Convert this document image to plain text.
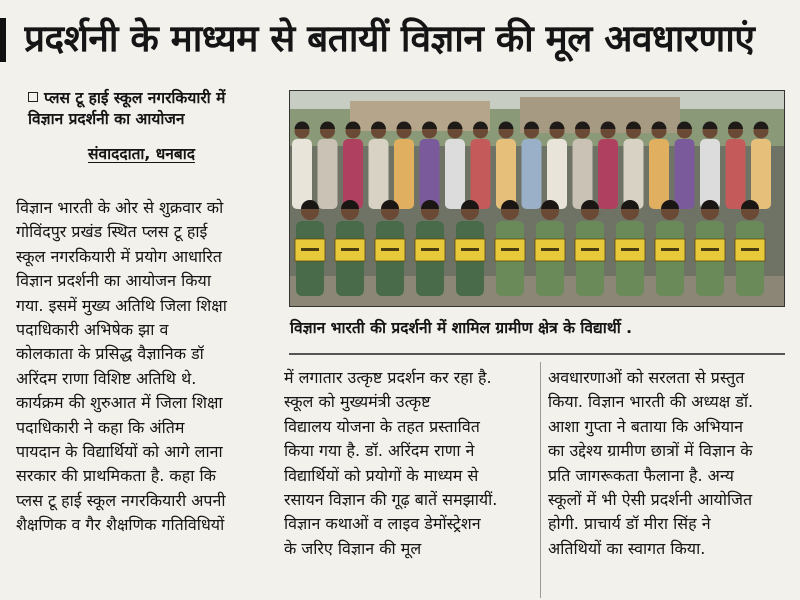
प्रदर्शनी के माध्यम से बतायीं विज्ञान की मूल अवधारणाएं
प्लस टू हाई स्कूल नगरकियारी में
विज्ञान प्रदर्शनी का आयोजन
संवाददाता, धनबाद
विज्ञान भारती के ओर से शुक्रवार को
गोविंदपुर प्रखंड स्थित प्लस टू हाई
स्कूल नगरकियारी में प्रयोग आधारित
विज्ञान प्रदर्शनी का आयोजन किया
गया. इसमें मुख्य अतिथि जिला शिक्षा
पदाधिकारी अभिषेक झा व
कोलकाता के प्रसिद्ध वैज्ञानिक डॉ
अरिंदम राणा विशिष्ट अतिथि थे.
कार्यक्रम की शुरुआत में जिला शिक्षा
पदाधिकारी ने कहा कि अंतिम
पायदान के विद्यार्थियों को आगे लाना
सरकार की प्राथमिकता है. कहा कि
प्लस टू हाई स्कूल नगरकियारी अपनी
शैक्षणिक व गैर शैक्षणिक गतिविधियों
विज्ञान भारती की प्रदर्शनी में शामिल ग्रामीण क्षेत्र के विद्यार्थी .
में लगातार उत्कृष्ट प्रदर्शन कर रहा है.
स्कूल को मुख्यमंत्री उत्कृष्ट
विद्यालय योजना के तहत प्रस्तावित
किया गया है. डॉ. अरिंदम राणा ने
विद्यार्थियों को प्रयोगों के माध्यम से
रसायन विज्ञान की गूढ़ बातें समझायीं.
विज्ञान कथाओं व लाइव डेमोंस्ट्रेशन
के जरिए विज्ञान की मूल
अवधारणाओं को सरलता से प्रस्तुत
किया. विज्ञान भारती की अध्यक्ष डॉ.
आशा गुप्ता ने बताया कि अभियान
का उद्देश्य ग्रामीण छात्रों में विज्ञान के
प्रति जागरूकता फैलाना है. अन्य
स्कूलों में भी ऐसी प्रदर्शनी आयोजित
होगी. प्राचार्य डॉ मीरा सिंह ने
अतिथियों का स्वागत किया.
